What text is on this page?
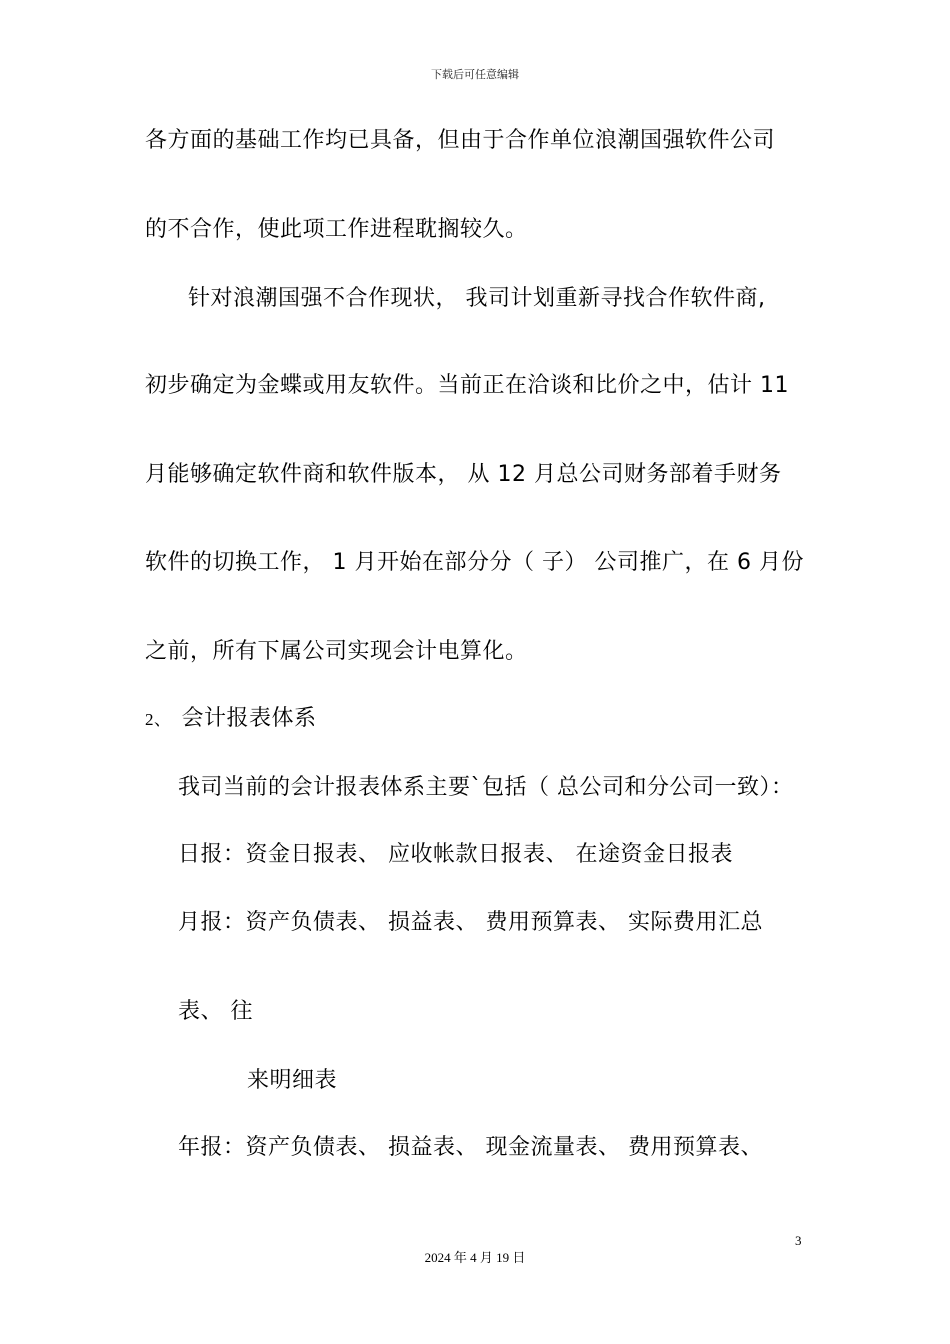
下载后可任意编辑
各方面的基础工作均已具备，但由于合作单位浪潮国强软件公司
的不合作，使此项工作进程耽搁较久。
针对浪潮国强不合作现状， 我司计划重新寻找合作软件商,
初步确定为金蝶或用友软件。当前正在洽谈和比价之中，估计 11
月能够确定软件商和软件版本， 从 12 月总公司财务部着手财务
软件的切换工作， 1 月开始在部分分（ 子） 公司推广，在 6 月份
之前，所有下属公司实现会计电算化。
2、 会计报表体系
我司当前的会计报表体系主要`包括（ 总公司和分公司一致）：
日报：资金日报表、 应收帐款日报表、 在途资金日报表
月报：资产负债表、 损益表、 费用预算表、 实际费用汇总
表、 往
来明细表
年报：资产负债表、 损益表、 现金流量表、 费用预算表、
3
2024 年 4 月 19 日
